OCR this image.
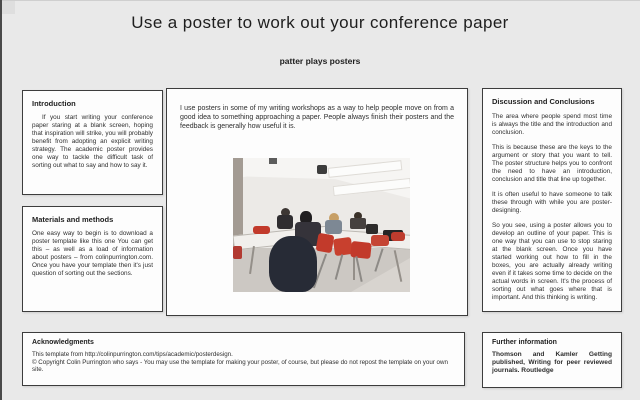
Use a poster to work out your conference paper
patter plays posters
Introduction

If you start writing your conference paper staring at a blank screen, hoping that inspiration will strike, you will probably benefit from adopting an explicit writing strategy. The academic poster provides one way to tackle the difficult task of sorting out what to say and how to say it.

Materials and methods

One easy way to begin is to download a poster template like this one You can get this – as well as a load of information about posters – from colinpurrington.com. Once you have your template then it's just question of sorting out the sections.

I use posters in some of my writing workshops as a way to help people move on from a good idea to something approaching a paper. People always finish their posters and the feedback is generally how useful it is.

Discussion and Conclusions

The area where people spend most time is always the title and the introduction and conclusion.

This is because these are the keys to the argument or story that you want to tell. The poster structure helps you to confront the need to have an introduction, conclusion and title that line up together.

It is often useful to have someone to talk these through with while you are poster-designing.

So you see, using a poster allows you to develop an outline of your paper. This is one way that you can use to stop staring at the blank screen. Once you have started working out how to fill in the boxes, you are actually already writing even if it takes some time to decide on the actual words in screen. It's the process of sorting out what goes where that is important. And this thinking is writing.

Acknowledgments

This template from http://colinpurrington.com/tips/academic/posterdesign.

© Copyright Colin Purrington who says - You may use the template for making your poster, of course, but please do not repost the template on your own site.

Further information

Thomson and Kamler Getting published, Writing for peer reviewed journals. Routledge
